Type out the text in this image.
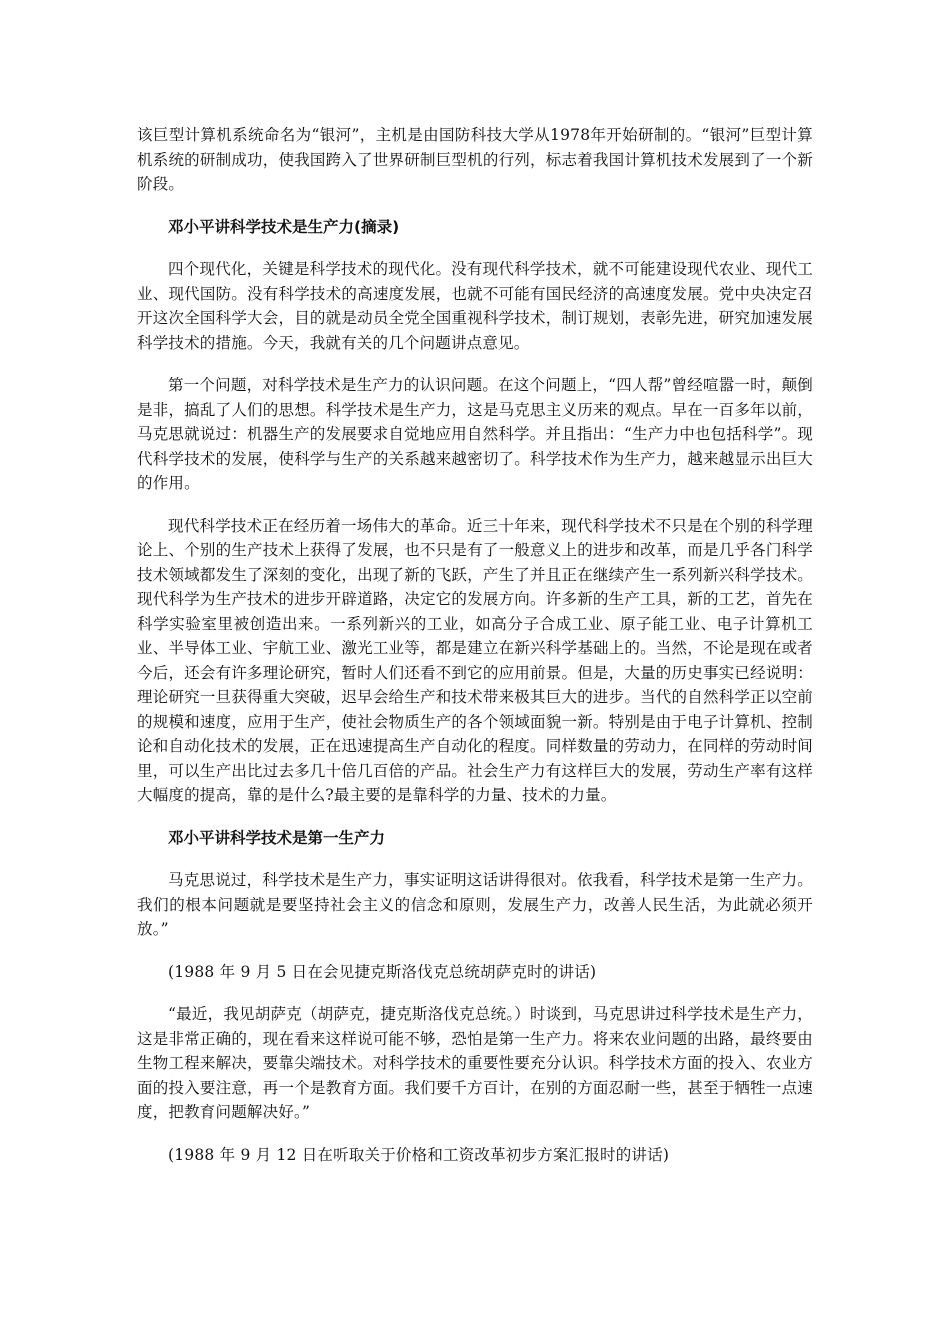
该巨型计算机系统命名为“银河”，主机是由国防科技大学从1978年开始研制的。“银河”巨型计算机系统的研制成功，使我国跨入了世界研制巨型机的行列，标志着我国计算机技术发展到了一个新阶段。

邓小平讲科学技术是生产力(摘录)

四个现代化，关键是科学技术的现代化。没有现代科学技术，就不可能建设现代农业、现代工业、现代国防。没有科学技术的高速度发展，也就不可能有国民经济的高速度发展。党中央决定召开这次全国科学大会，目的就是动员全党全国重视科学技术，制订规划，表彰先进，研究加速发展科学技术的措施。今天，我就有关的几个问题讲点意见。

第一个问题，对科学技术是生产力的认识问题。在这个问题上，“四人帮”曾经喧嚣一时，颠倒是非，搞乱了人们的思想。科学技术是生产力，这是马克思主义历来的观点。早在一百多年以前，马克思就说过：机器生产的发展要求自觉地应用自然科学。并且指出：“生产力中也包括科学”。现代科学技术的发展，使科学与生产的关系越来越密切了。科学技术作为生产力，越来越显示出巨大的作用。

现代科学技术正在经历着一场伟大的革命。近三十年来，现代科学技术不只是在个别的科学理论上、个别的生产技术上获得了发展，也不只是有了一般意义上的进步和改革，而是几乎各门科学技术领域都发生了深刻的变化，出现了新的飞跃，产生了并且正在继续产生一系列新兴科学技术。现代科学为生产技术的进步开辟道路，决定它的发展方向。许多新的生产工具，新的工艺，首先在科学实验室里被创造出来。一系列新兴的工业，如高分子合成工业、原子能工业、电子计算机工业、半导体工业、宇航工业、激光工业等，都是建立在新兴科学基础上的。当然，不论是现在或者今后，还会有许多理论研究，暂时人们还看不到它的应用前景。但是，大量的历史事实已经说明：理论研究一旦获得重大突破，迟早会给生产和技术带来极其巨大的进步。当代的自然科学正以空前的规模和速度，应用于生产，使社会物质生产的各个领域面貌一新。特别是由于电子计算机、控制论和自动化技术的发展，正在迅速提高生产自动化的程度。同样数量的劳动力，在同样的劳动时间里，可以生产出比过去多几十倍几百倍的产品。社会生产力有这样巨大的发展，劳动生产率有这样大幅度的提高，靠的是什么?最主要的是靠科学的力量、技术的力量。

邓小平讲科学技术是第一生产力

马克思说过，科学技术是生产力，事实证明这话讲得很对。依我看，科学技术是第一生产力。我们的根本问题就是要坚持社会主义的信念和原则，发展生产力，改善人民生活，为此就必须开放。”

(1988 年 9 月 5 日在会见捷克斯洛伐克总统胡萨克时的讲话)

“最近，我见胡萨克（胡萨克，捷克斯洛伐克总统。）时谈到，马克思讲过科学技术是生产力，这是非常正确的，现在看来这样说可能不够，恐怕是第一生产力。将来农业问题的出路，最终要由生物工程来解决，要靠尖端技术。对科学技术的重要性要充分认识。科学技术方面的投入、农业方面的投入要注意，再一个是教育方面。我们要千方百计，在别的方面忍耐一些，甚至于牺牲一点速度，把教育问题解决好。”

(1988 年 9 月 12 日在听取关于价格和工资改革初步方案汇报时的讲话)
